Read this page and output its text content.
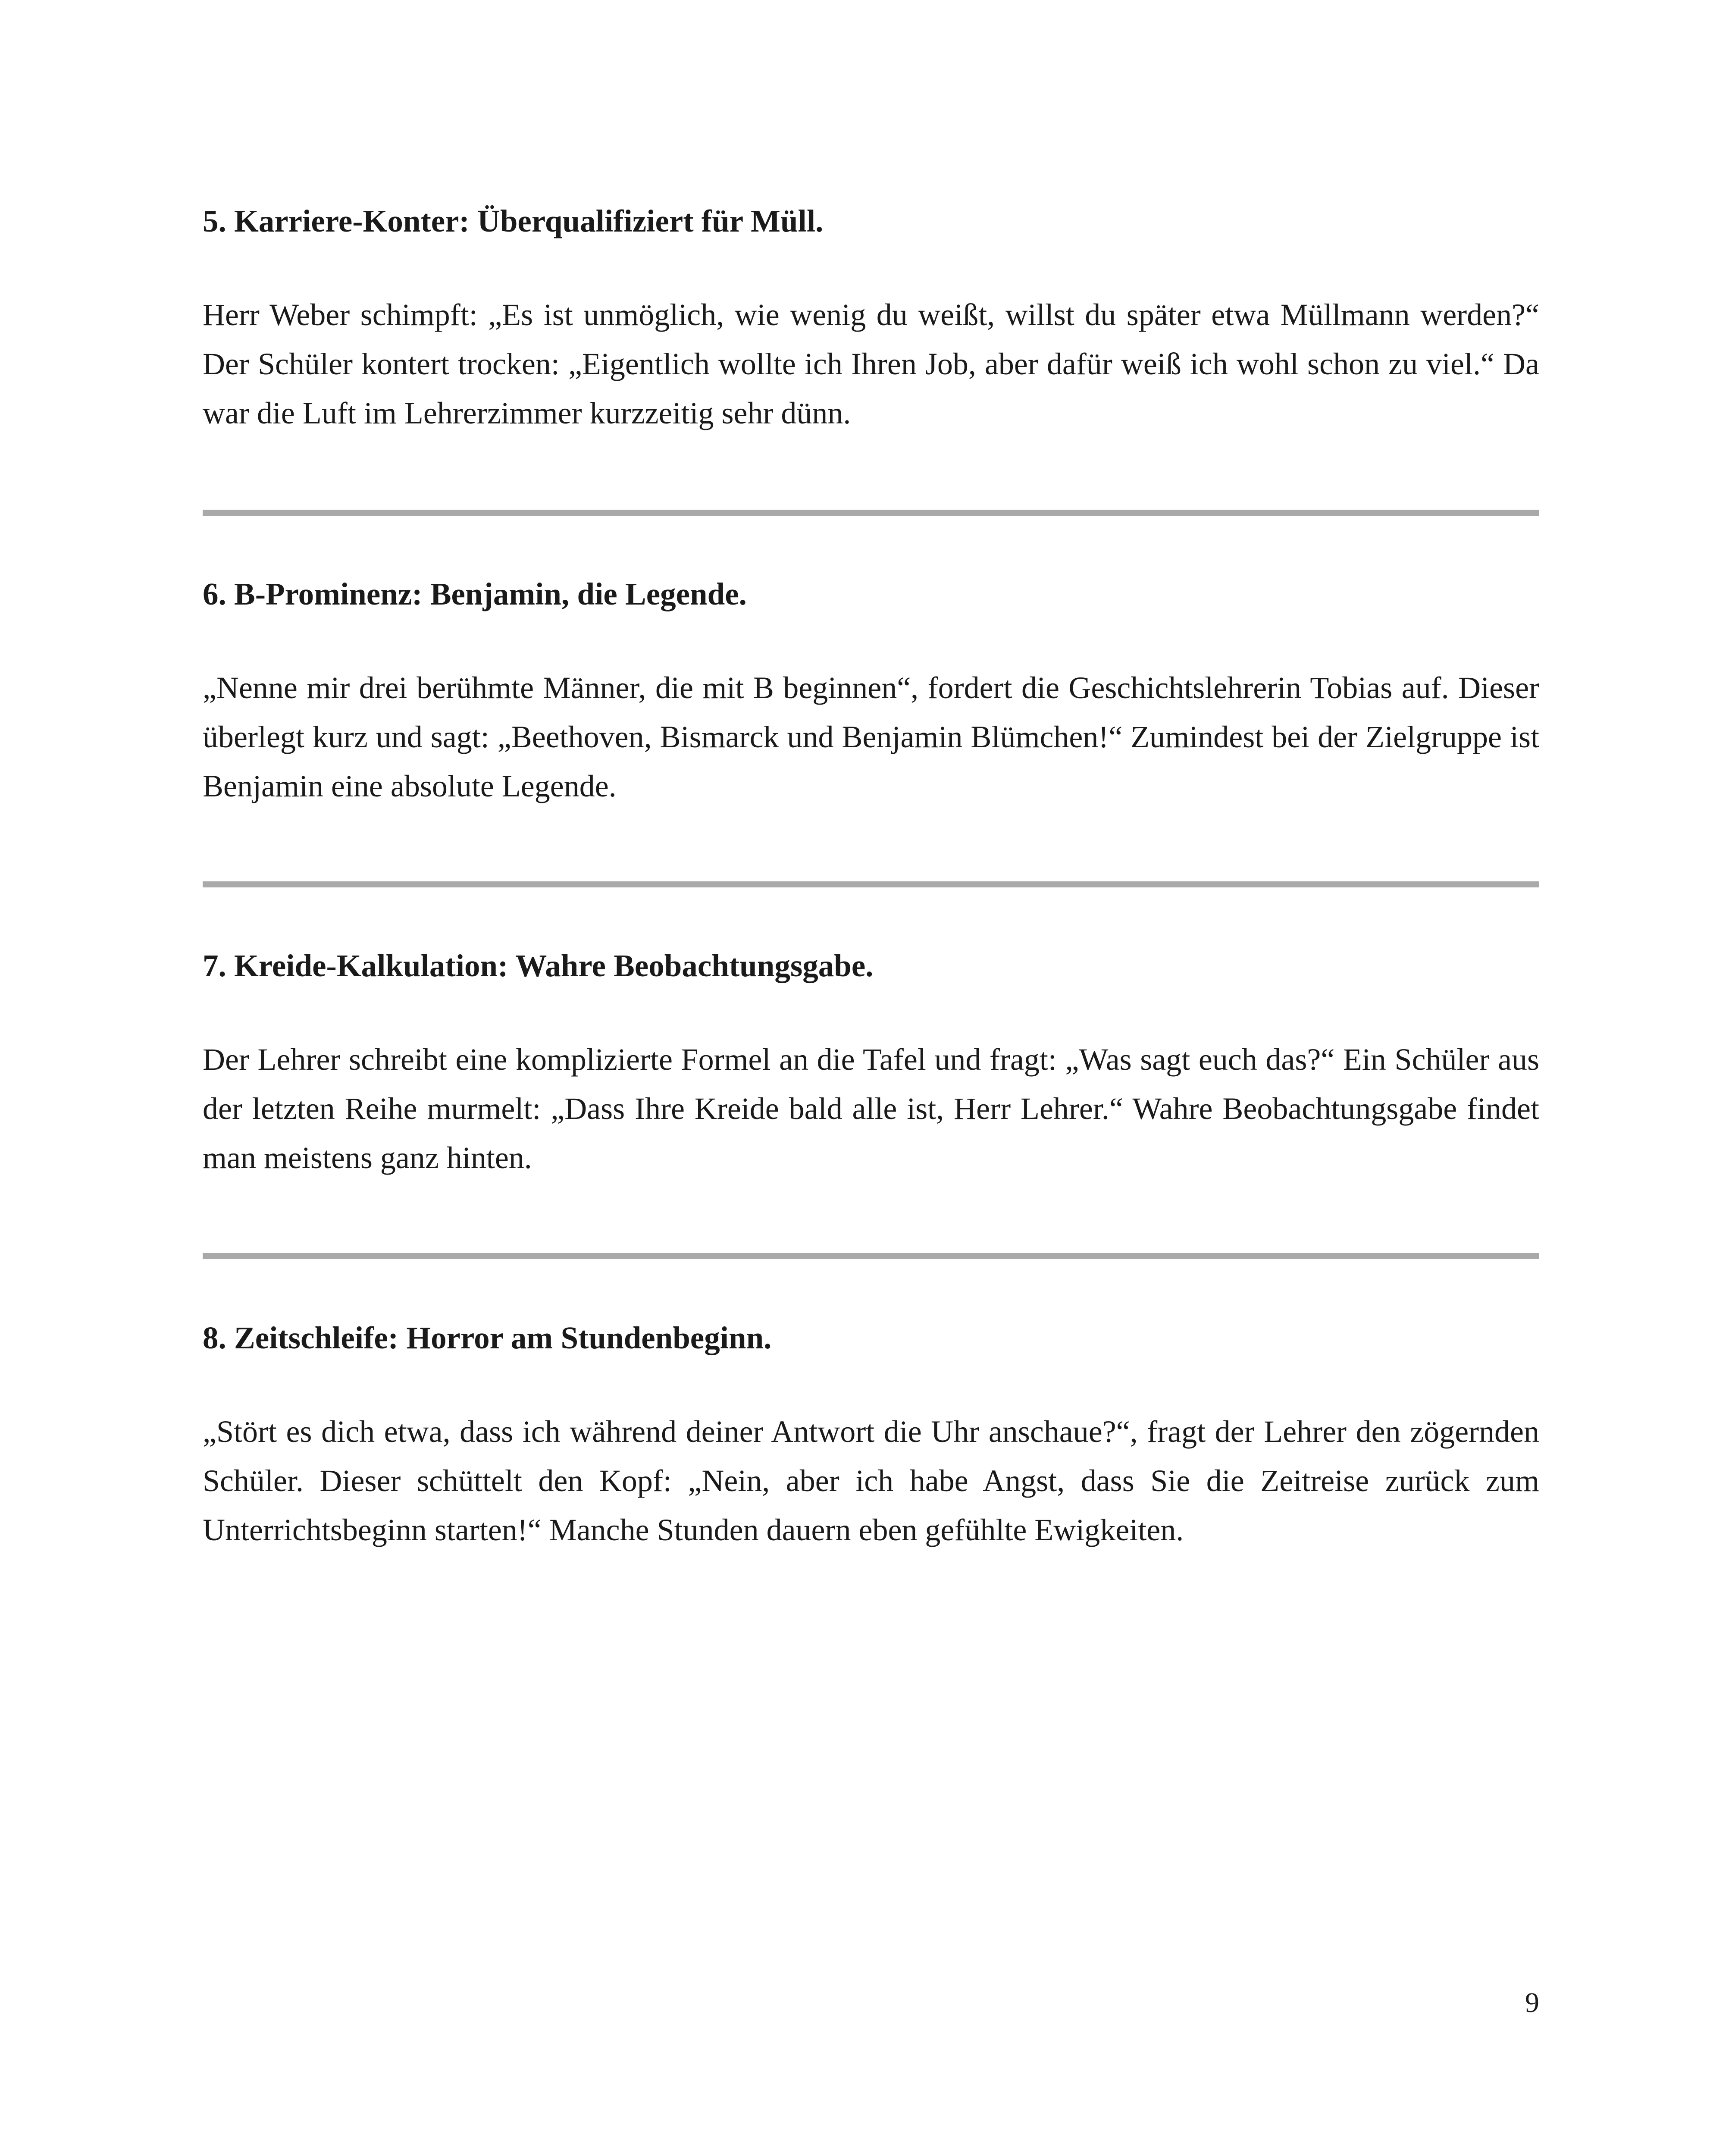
5. Karriere-Konter: Überqualifiziert für Müll.

Herr Weber schimpft: „Es ist unmöglich, wie wenig du weißt, willst du später etwa Müllmann werden?“ Der Schüler kontert trocken: „Eigentlich wollte ich Ihren Job, aber dafür weiß ich wohl schon zu viel.“ Da war die Luft im Lehrerzimmer kurzzeitig sehr dünn.

6. B-Prominenz: Benjamin, die Legende.

„Nenne mir drei berühmte Männer, die mit B beginnen“, fordert die Geschichtslehrerin Tobias auf. Dieser überlegt kurz und sagt: „Beethoven, Bismarck und Benjamin Blümchen!“ Zumindest bei der Zielgruppe ist Benjamin eine absolute Legende.

7. Kreide-Kalkulation: Wahre Beobachtungsgabe.

Der Lehrer schreibt eine komplizierte Formel an die Tafel und fragt: „Was sagt euch das?“ Ein Schüler aus der letzten Reihe murmelt: „Dass Ihre Kreide bald alle ist, Herr Lehrer.“ Wahre Beobachtungsgabe findet man meistens ganz hinten.

8. Zeitschleife: Horror am Stundenbeginn.

„Stört es dich etwa, dass ich während deiner Antwort die Uhr anschaue?“, fragt der Lehrer den zögernden Schüler. Dieser schüttelt den Kopf: „Nein, aber ich habe Angst, dass Sie die Zeitreise zurück zum Unterrichtsbeginn starten!“ Manche Stunden dauern eben gefühlte Ewigkeiten.

9
